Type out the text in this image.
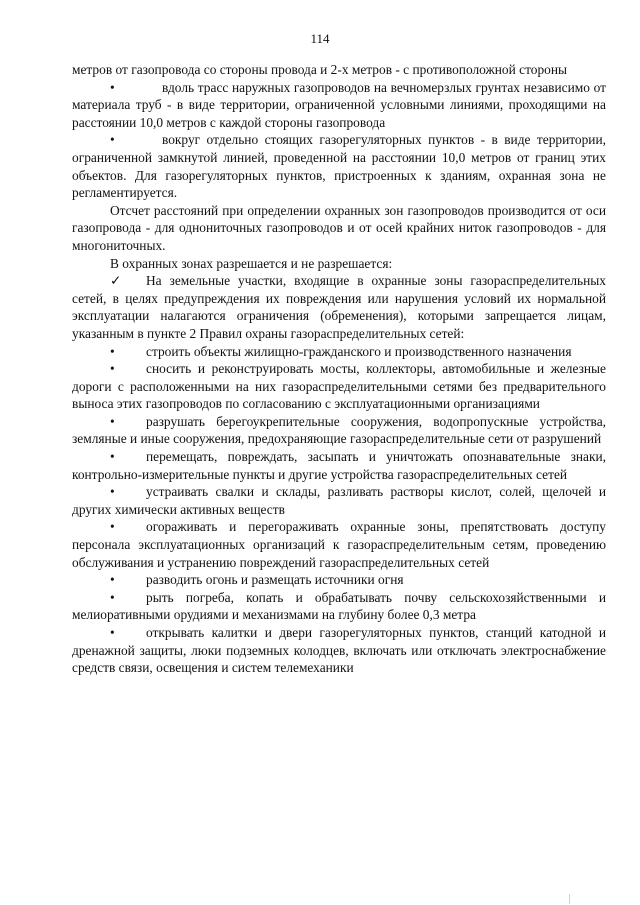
114

метров от газопровода со стороны провода и 2-х метров - с противоположной стороны

•	вдоль трасс наружных газопроводов на вечномерзлых грунтах независимо от материала труб - в виде территории, ограниченной условными линиями, проходящими на расстоянии 10,0 метров с каждой стороны газопровода

•	вокруг отдельно стоящих газорегуляторных пунктов - в виде территории, ограниченной замкнутой линией, проведенной на расстоянии 10,0 метров от границ этих объектов. Для газорегуляторных пунктов, пристроенных к зданиям, охранная зона не регламентируется.

Отсчет расстояний при определении охранных зон газопроводов производится от оси газопровода - для однониточных газопроводов и от осей крайних ниток газопроводов - для многониточных.

В охранных зонах разрешается и не разрешается:

✓ На земельные участки, входящие в охранные зоны газораспределительных сетей, в целях предупреждения их повреждения или нарушения условий их нормальной эксплуатации налагаются ограничения (обременения), которыми запрещается лицам, указанным в пункте 2 Правил охраны газораспределительных сетей:

• строить объекты жилищно-гражданского и производственного назначения

• сносить и реконструировать мосты, коллекторы, автомобильные и железные дороги с расположенными на них газораспределительными сетями без предварительного выноса этих газопроводов по согласованию с эксплуатационными организациями

• разрушать берегоукрепительные сооружения, водопропускные устройства, земляные и иные сооружения, предохраняющие газораспределительные сети от разрушений

• перемещать, повреждать, засыпать и уничтожать опознавательные знаки, контрольно-измерительные пункты и другие устройства газораспределительных сетей

• устраивать свалки и склады, разливать растворы кислот, солей, щелочей и других химически активных веществ

• огораживать и перегораживать охранные зоны, препятствовать доступу персонала эксплуатационных организаций к газораспределительным сетям, проведению обслуживания и устранению повреждений газораспределительных сетей

• разводить огонь и размещать источники огня

• рыть погреба, копать и обрабатывать почву сельскохозяйственными и мелиоративными орудиями и механизмами на глубину более 0,3 метра

• открывать калитки и двери газорегуляторных пунктов, станций катодной и дренажной защиты, люки подземных колодцев, включать или отключать электроснабжение средств связи, освещения и систем телемеханики
